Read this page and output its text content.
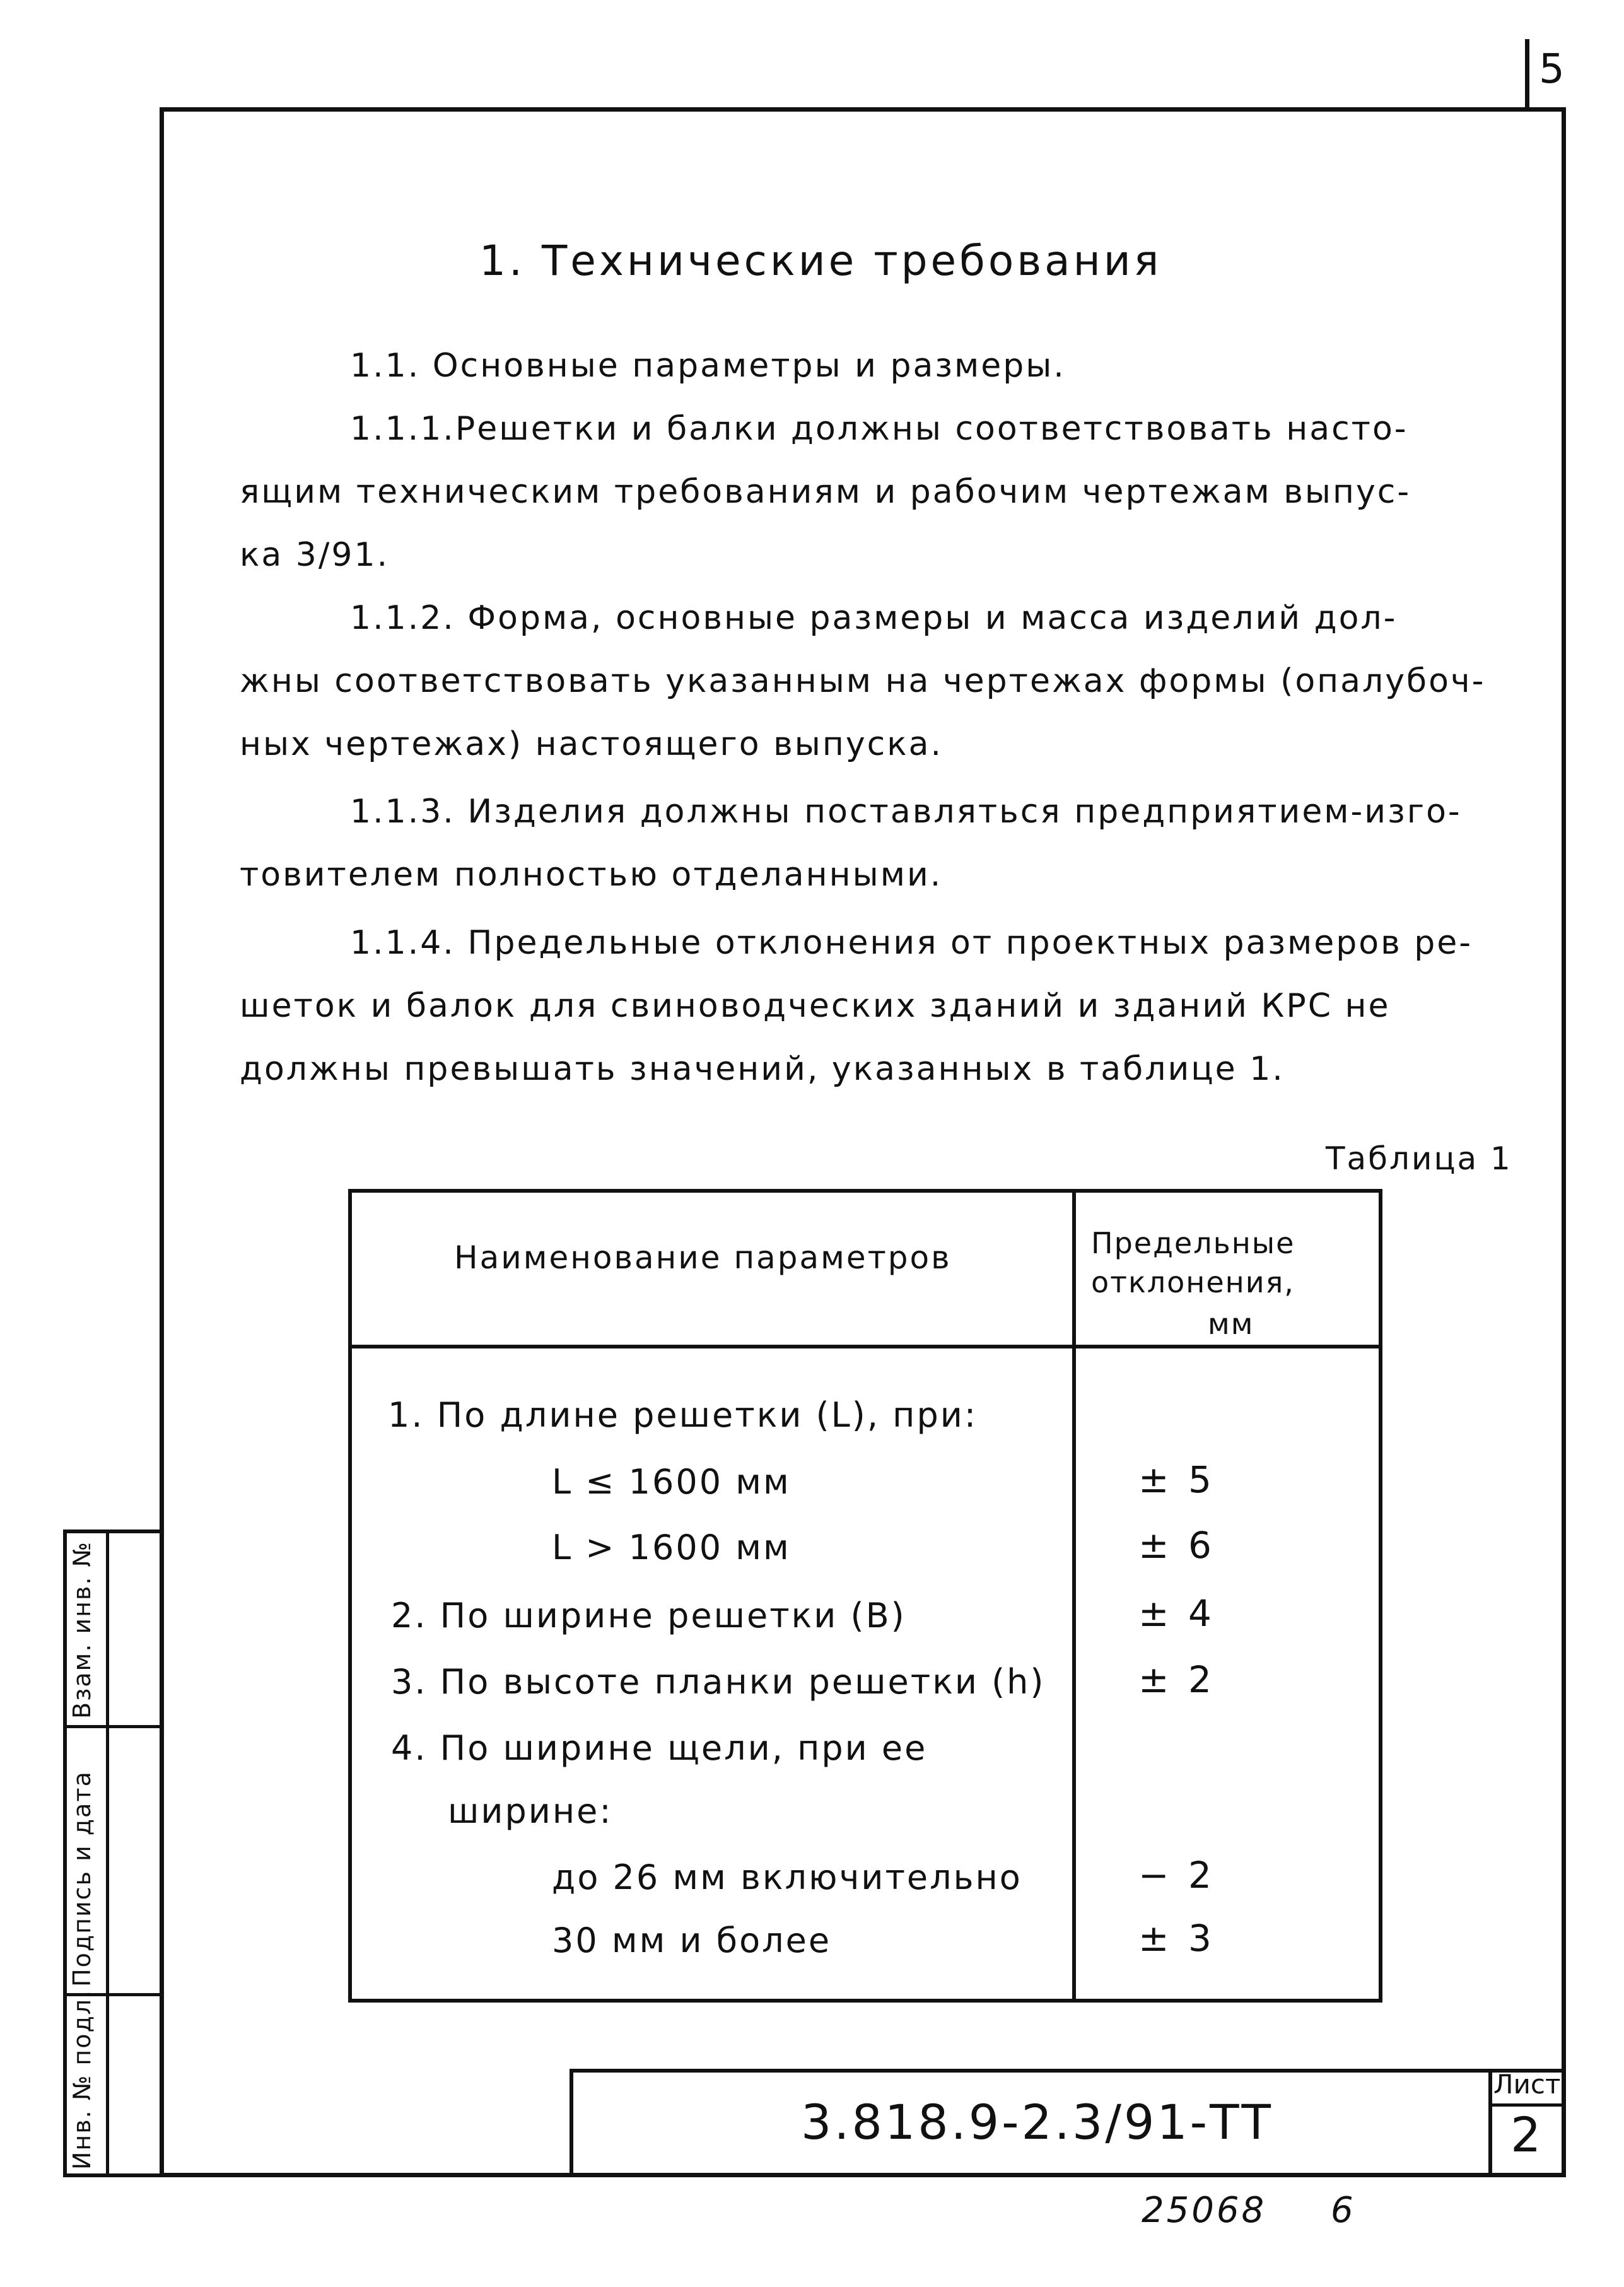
5
1. Технические требования
1.1. Основные параметры и размеры.
1.1.1.Решетки и балки должны соответствовать насто-
ящим техническим требованиям и рабочим чертежам выпус-
ка 3/91.
1.1.2. Форма, основные размеры и масса изделий дол-
жны соответствовать указанным на чертежах формы (опалубоч-
ных чертежах) настоящего выпуска.
1.1.3. Изделия должны поставляться предприятием-изго-
товителем полностью отделанными.
1.1.4. Предельные отклонения от проектных размеров ре-
шеток и балок для свиноводческих зданий и зданий КРС не
должны превышать значений, указанных в таблице 1.
Таблица 1
Наименование параметров	Предельные
отклонения,
мм
1. По длине решетки (L), при:
L ≤ 1600 мм	± 5
L > 1600 мм	± 6
2. По ширине решетки (В)	± 4
3. По высоте планки решетки (h)	± 2
4. По ширине щели, при ее
ширине:
до 26 мм включительно	− 2
30 мм и более	± 3
Инв. № подл.
Подпись и дата
Взам. инв. №
3.818.9-2.3/91-ТТ
Лист
2
25068 6
